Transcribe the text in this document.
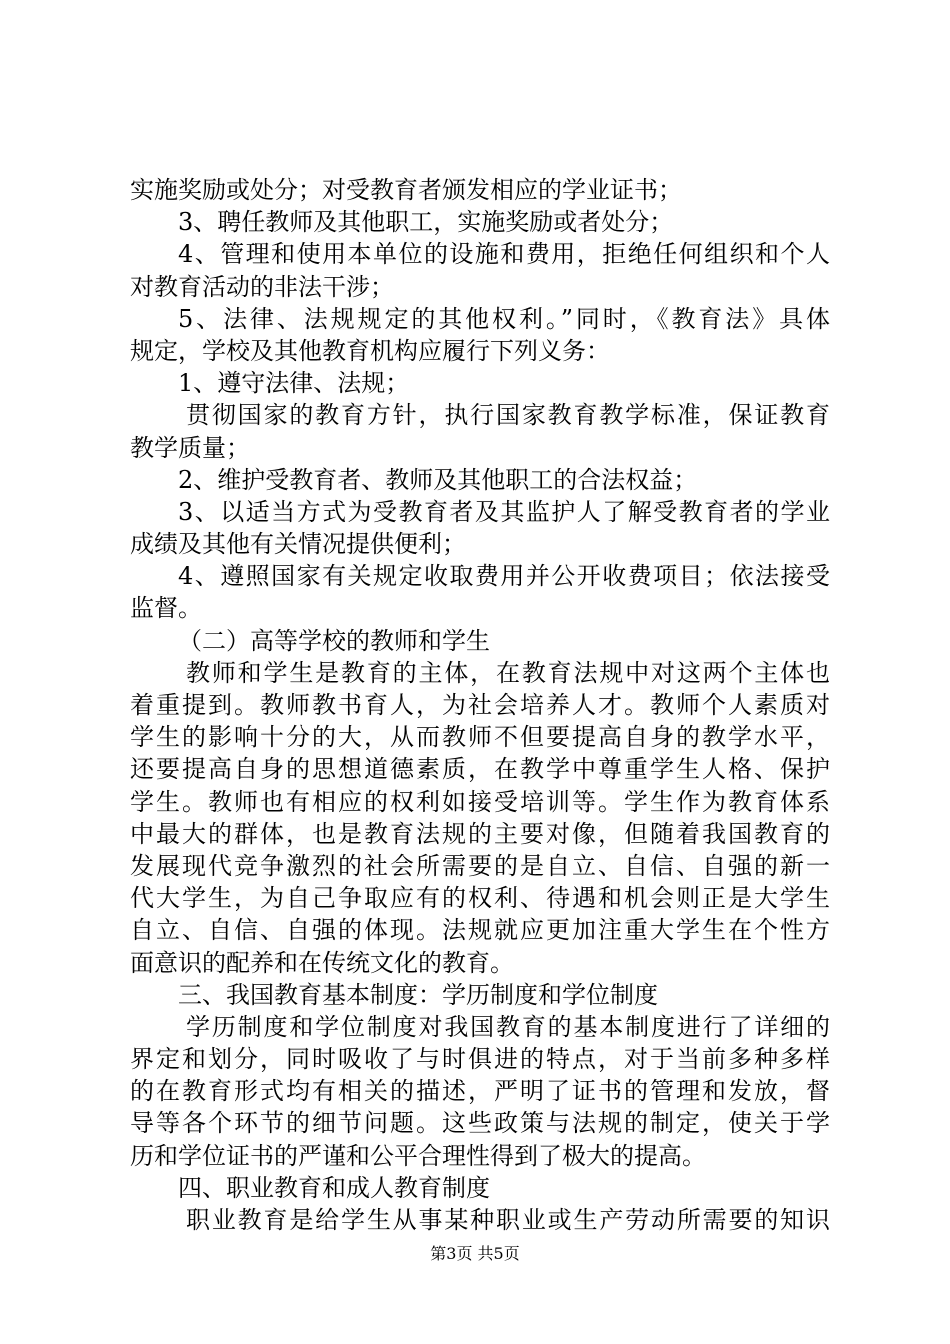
实施奖励或处分；对受教育者颁发相应的学业证书；
3、聘任教师及其他职工，实施奖励或者处分；
4、管理和使用本单位的设施和费用，拒绝任何组织和个人
对教育活动的非法干涉；
5、法律、法规规定的其他权利。”同时，《教育法》具体
规定，学校及其他教育机构应履行下列义务：
1、遵守法律、法规；
贯彻国家的教育方针，执行国家教育教学标准，保证教育
教学质量；
2、维护受教育者、教师及其他职工的合法权益；
3、以适当方式为受教育者及其监护人了解受教育者的学业
成绩及其他有关情况提供便利；
4、遵照国家有关规定收取费用并公开收费项目；依法接受
监督。
（二）高等学校的教师和学生
教师和学生是教育的主体，在教育法规中对这两个主体也
着重提到。教师教书育人，为社会培养人才。教师个人素质对
学生的影响十分的大，从而教师不但要提高自身的教学水平，
还要提高自身的思想道德素质，在教学中尊重学生人格、保护
学生。教师也有相应的权利如接受培训等。学生作为教育体系
中最大的群体，也是教育法规的主要对像，但随着我国教育的
发展现代竞争激烈的社会所需要的是自立、自信、自强的新一
代大学生，为自己争取应有的权利、待遇和机会则正是大学生
自立、自信、自强的体现。法规就应更加注重大学生在个性方
面意识的配养和在传统文化的教育。
三、我国教育基本制度：学历制度和学位制度
学历制度和学位制度对我国教育的基本制度进行了详细的
界定和划分，同时吸收了与时俱进的特点，对于当前多种多样
的在教育形式均有相关的描述，严明了证书的管理和发放，督
导等各个环节的细节问题。这些政策与法规的制定，使关于学
历和学位证书的严谨和公平合理性得到了极大的提高。
四、职业教育和成人教育制度
职业教育是给学生从事某种职业或生产劳动所需要的知识
第3页 共5页
